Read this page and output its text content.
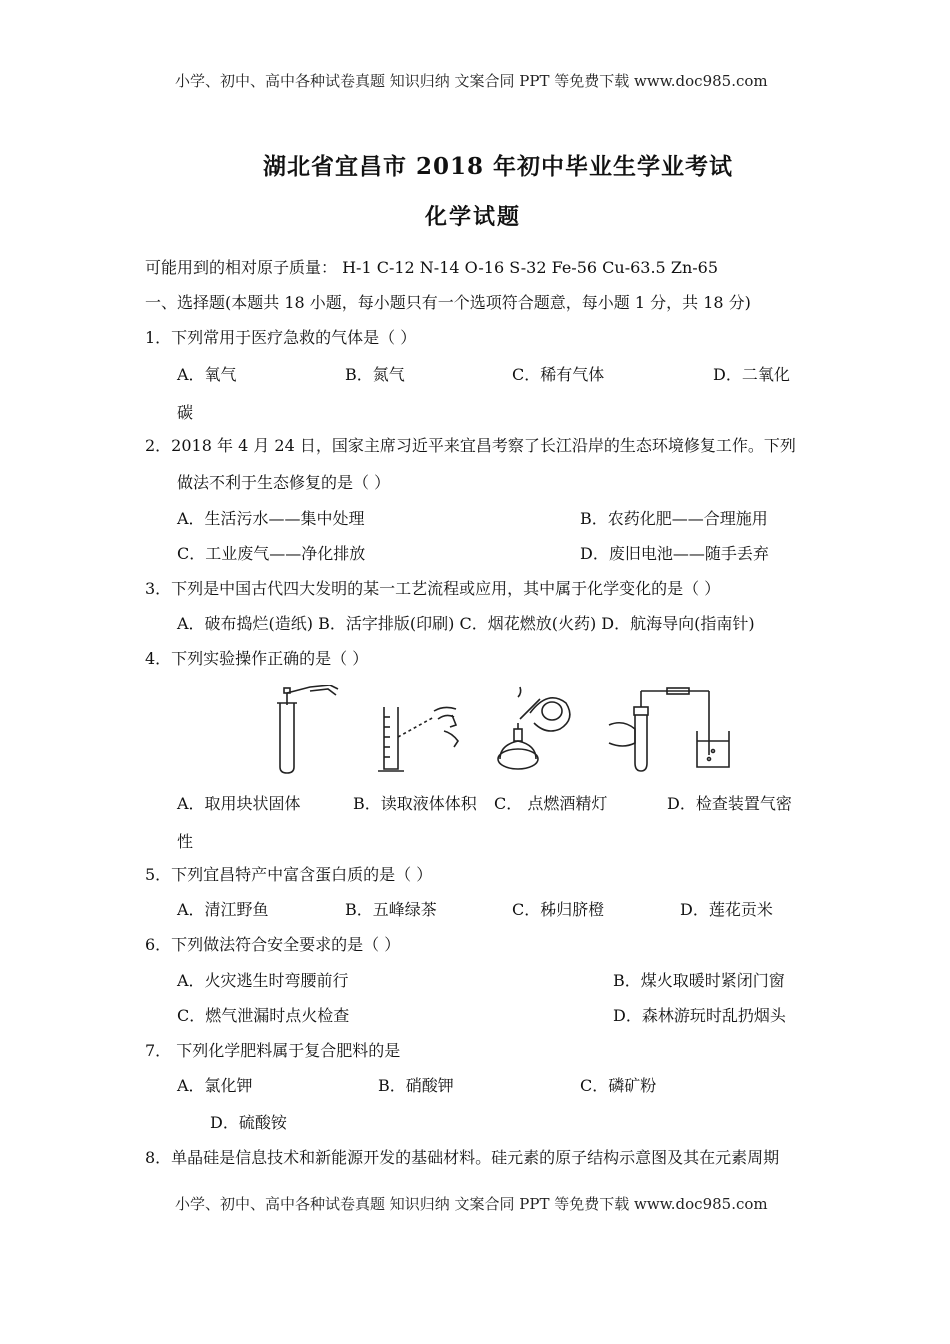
小学、初中、高中各种试卷真题 知识归纳 文案合同 PPT 等免费下载 www.doc985.com
湖北省宜昌市 2018 年初中毕业生学业考试
化学试题
可能用到的相对原子质量： H-1 C-12 N-14 O-16 S-32 Fe-56 Cu-63.5 Zn-65
一、选择题(本题共 18 小题，每小题只有一个选项符合题意，每小题 1 分，共 18 分)
1．下列常用于医疗急救的气体是（ ）
A．氧气	B．氮气	C．稀有气体	D．二氧化
碳
2．2018 年 4 月 24 日，国家主席习近平来宜昌考察了长江沿岸的生态环境修复工作。下列
做法不利于生态修复的是（ ）
A．生活污水——集中处理	B．农药化肥——合理施用
C．工业废气——净化排放	D．废旧电池——随手丢弃
3．下列是中国古代四大发明的某一工艺流程或应用，其中属于化学变化的是（ ）
A．破布捣烂(造纸) B．活字排版(印刷) C．烟花燃放(火药) D．航海导向(指南针)
4．下列实验操作正确的是（ ）
A．取用块状固体	B．读取液体体积 C． 点燃酒精灯	D．检查装置气密
性
5．下列宜昌特产中富含蛋白质的是（ ）
A．清江野鱼	B．五峰绿茶	C．秭归脐橙	D．莲花贡米
6．下列做法符合安全要求的是（ ）
A．火灾逃生时弯腰前行	B．煤火取暖时紧闭门窗
C．燃气泄漏时点火检查	D．森林游玩时乱扔烟头
7． 下列化学肥料属于复合肥料的是
A．氯化钾	B．硝酸钾	C．磷矿粉
D．硫酸铵
8．单晶硅是信息技术和新能源开发的基础材料。硅元素的原子结构示意图及其在元素周期
小学、初中、高中各种试卷真题 知识归纳 文案合同 PPT 等免费下载 www.doc985.com
